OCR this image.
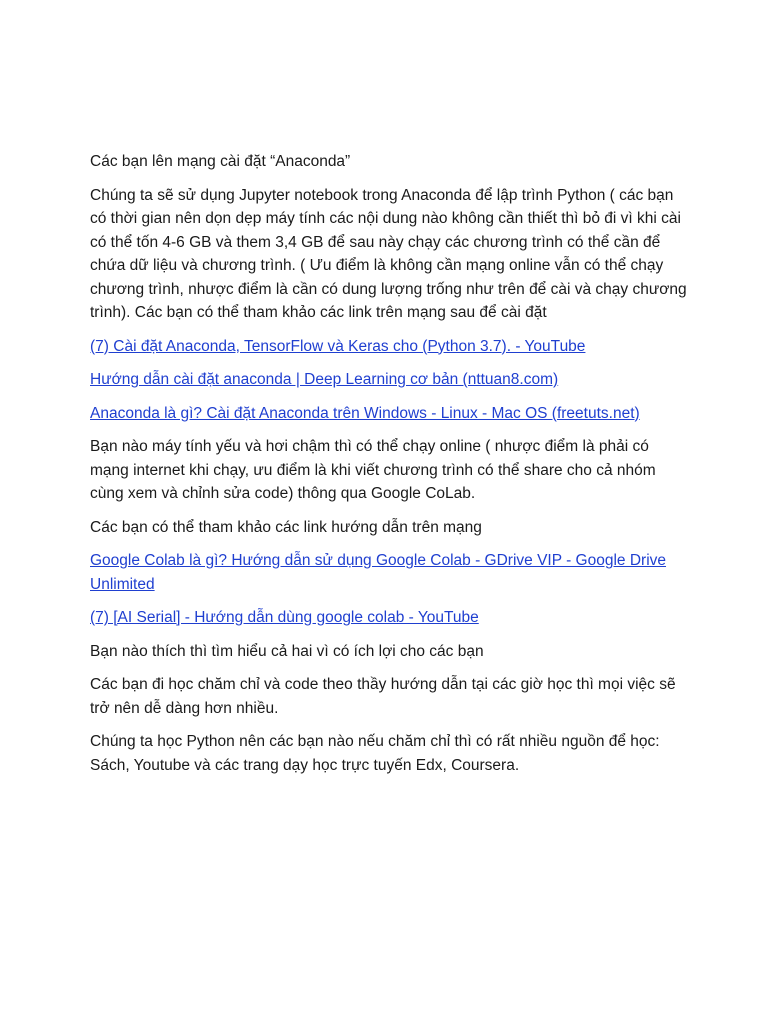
Các bạn lên mạng cài đặt “Anaconda”

Chúng ta sẽ sử dụng Jupyter notebook trong Anaconda để lập trình Python ( các bạn có thời gian nên dọn dẹp máy tính các nội dung nào không cần thiết thì bỏ đi vì khi cài có thể tốn 4-6 GB và them 3,4 GB để sau này chạy các chương trình có thể cần để chứa dữ liệu và chương trình. ( Ưu điểm là không cần mạng online vẫn có thể chạy chương trình, nhược điểm là cần có dung lượng trống như trên để cài và chạy chương trình). Các bạn có thể tham khảo các link trên mạng sau để cài đặt

(7) Cài đặt Anaconda, TensorFlow và Keras cho (Python 3.7). - YouTube

Hướng dẫn cài đặt anaconda | Deep Learning cơ bản (nttuan8.com)

Anaconda là gì? Cài đặt Anaconda trên Windows - Linux - Mac OS (freetuts.net)

Bạn nào máy tính yếu và hơi chậm thì có thể chạy online ( nhược điểm là phải có mạng internet khi chạy, ưu điểm là khi viết chương trình có thể share cho cả nhóm cùng xem và chỉnh sửa code) thông qua Google CoLab.

Các bạn có thể tham khảo các link hướng dẫn trên mạng

Google Colab là gì? Hướng dẫn sử dụng Google Colab - GDrive VIP - Google Drive Unlimited

(7) [AI Serial] - Hướng dẫn dùng google colab - YouTube

Bạn nào thích thì tìm hiểu cả hai vì có ích lợi cho các bạn

Các bạn đi học chăm chỉ và code theo thầy hướng dẫn tại các giờ học thì mọi việc sẽ trở nên dễ dàng hơn nhiều.

Chúng ta học Python nên các bạn nào nếu chăm chỉ thì có rất nhiều nguồn để học: Sách, Youtube và các trang dạy học trực tuyến Edx, Coursera.
